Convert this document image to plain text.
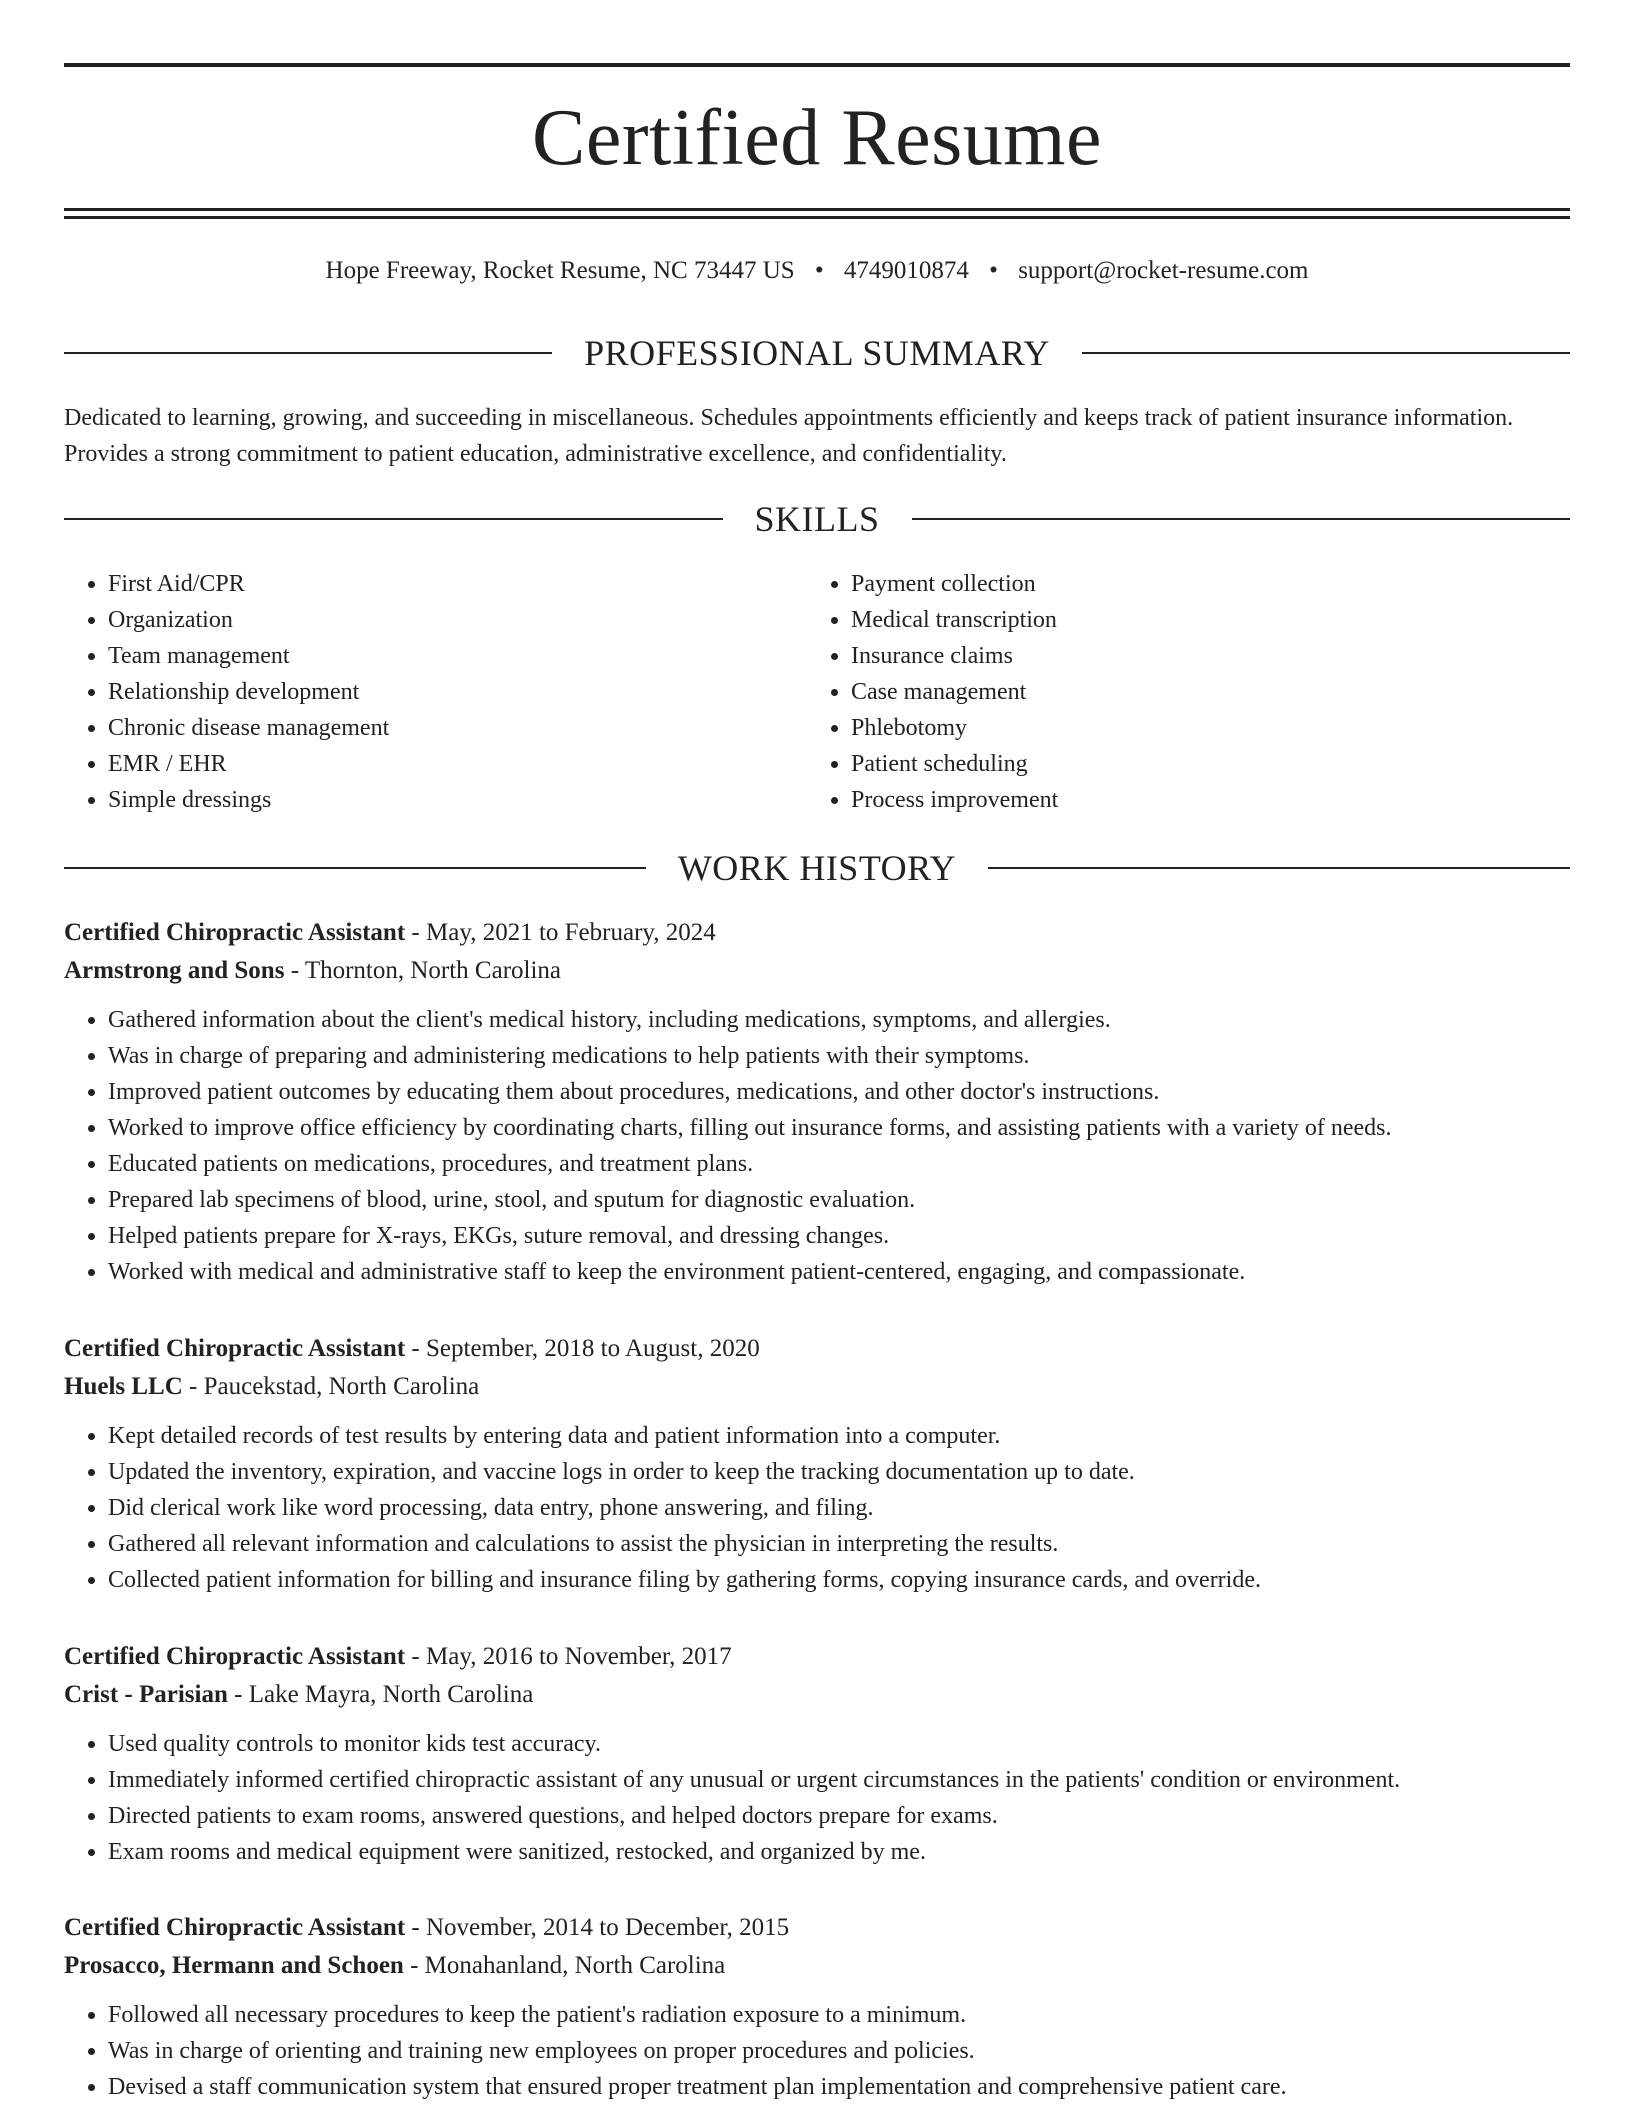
Certified Resume
Hope Freeway, Rocket Resume, NC 73447 US • 4749010874 • support@rocket-resume.com
PROFESSIONAL SUMMARY

Dedicated to learning, growing, and succeeding in miscellaneous. Schedules appointments efficiently and keeps track of patient insurance information. Provides a strong commitment to patient education, administrative excellence, and confidentiality.

SKILLS
• First Aid/CPR
• Organization
• Team management
• Relationship development
• Chronic disease management
• EMR / EHR
• Simple dressings
• Payment collection
• Medical transcription
• Insurance claims
• Case management
• Phlebotomy
• Patient scheduling
• Process improvement
WORK HISTORY
Certified Chiropractic Assistant - May, 2021 to February, 2024
Armstrong and Sons - Thornton, North Carolina
• Gathered information about the client's medical history, including medications, symptoms, and allergies.
• Was in charge of preparing and administering medications to help patients with their symptoms.
• Improved patient outcomes by educating them about procedures, medications, and other doctor's instructions.
• Worked to improve office efficiency by coordinating charts, filling out insurance forms, and assisting patients with a variety of needs.
• Educated patients on medications, procedures, and treatment plans.
• Prepared lab specimens of blood, urine, stool, and sputum for diagnostic evaluation.
• Helped patients prepare for X-rays, EKGs, suture removal, and dressing changes.
• Worked with medical and administrative staff to keep the environment patient-centered, engaging, and compassionate.
Certified Chiropractic Assistant - September, 2018 to August, 2020
Huels LLC - Paucekstad, North Carolina
• Kept detailed records of test results by entering data and patient information into a computer.
• Updated the inventory, expiration, and vaccine logs in order to keep the tracking documentation up to date.
• Did clerical work like word processing, data entry, phone answering, and filing.
• Gathered all relevant information and calculations to assist the physician in interpreting the results.
• Collected patient information for billing and insurance filing by gathering forms, copying insurance cards, and override.
Certified Chiropractic Assistant - May, 2016 to November, 2017
Crist - Parisian - Lake Mayra, North Carolina
• Used quality controls to monitor kids test accuracy.
• Immediately informed certified chiropractic assistant of any unusual or urgent circumstances in the patients' condition or environment.
• Directed patients to exam rooms, answered questions, and helped doctors prepare for exams.
• Exam rooms and medical equipment were sanitized, restocked, and organized by me.
Certified Chiropractic Assistant - November, 2014 to December, 2015
Prosacco, Hermann and Schoen - Monahanland, North Carolina
• Followed all necessary procedures to keep the patient's radiation exposure to a minimum.
• Was in charge of orienting and training new employees on proper procedures and policies.
• Devised a staff communication system that ensured proper treatment plan implementation and comprehensive patient care.
